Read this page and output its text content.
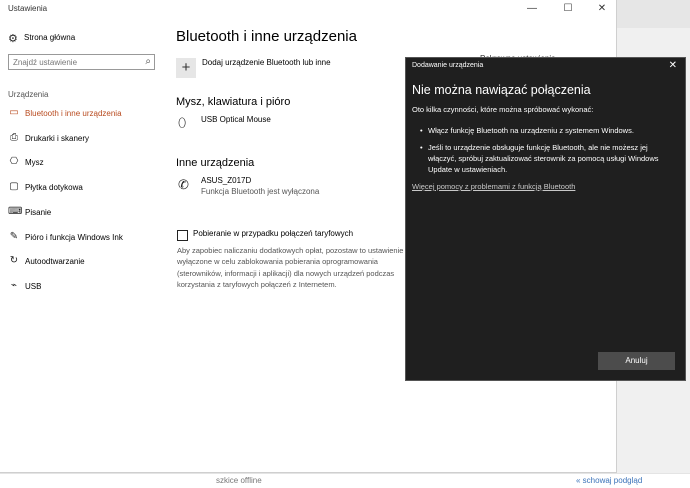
Ustawienia	—	☐	✕
⚙ Strona główna
Znajdź ustawienie	⌕
Urządzenia
▭ Bluetooth i inne urządzenia
⎙ Drukarki i skanery
⎔ Mysz
▢ Płytka dotykowa
⌨ Pisanie
✎ Pióro i funkcja Windows Ink
↻ Autoodtwarzanie
⌁ USB
Bluetooth i inne urządzenia
+	Dodaj urządzenie Bluetooth lub inne
Mysz, klawiatura i pióro
⬯ USB Optical Mouse
Inne urządzenia
✆ ASUS_Z017D
Funkcja Bluetooth jest wyłączona
Pobieranie w przypadku połączeń taryfowych
Aby zapobiec naliczaniu dodatkowych opłat, pozostaw to ustawienie wyłączone w celu zablokowania pobierania oprogramowania (sterowników, informacji i aplikacji) dla nowych urządzeń podczas korzystania z taryfowych połączeń z Internetem.
Dodawanie urządzenia	✕
Nie można nawiązać połączenia
Oto kilka czynności, które można spróbować wykonać:
• Włącz funkcję Bluetooth na urządzeniu z systemem Windows.
• Jeśli to urządzenie obsługuje funkcję Bluetooth, ale nie możesz jej włączyć, spróbuj zaktualizować sterownik za pomocą usługi Windows Update w ustawieniach.
Więcej pomocy z problemami z funkcją Bluetooth
Anuluj
szkice offline	« schowaj podgląd
